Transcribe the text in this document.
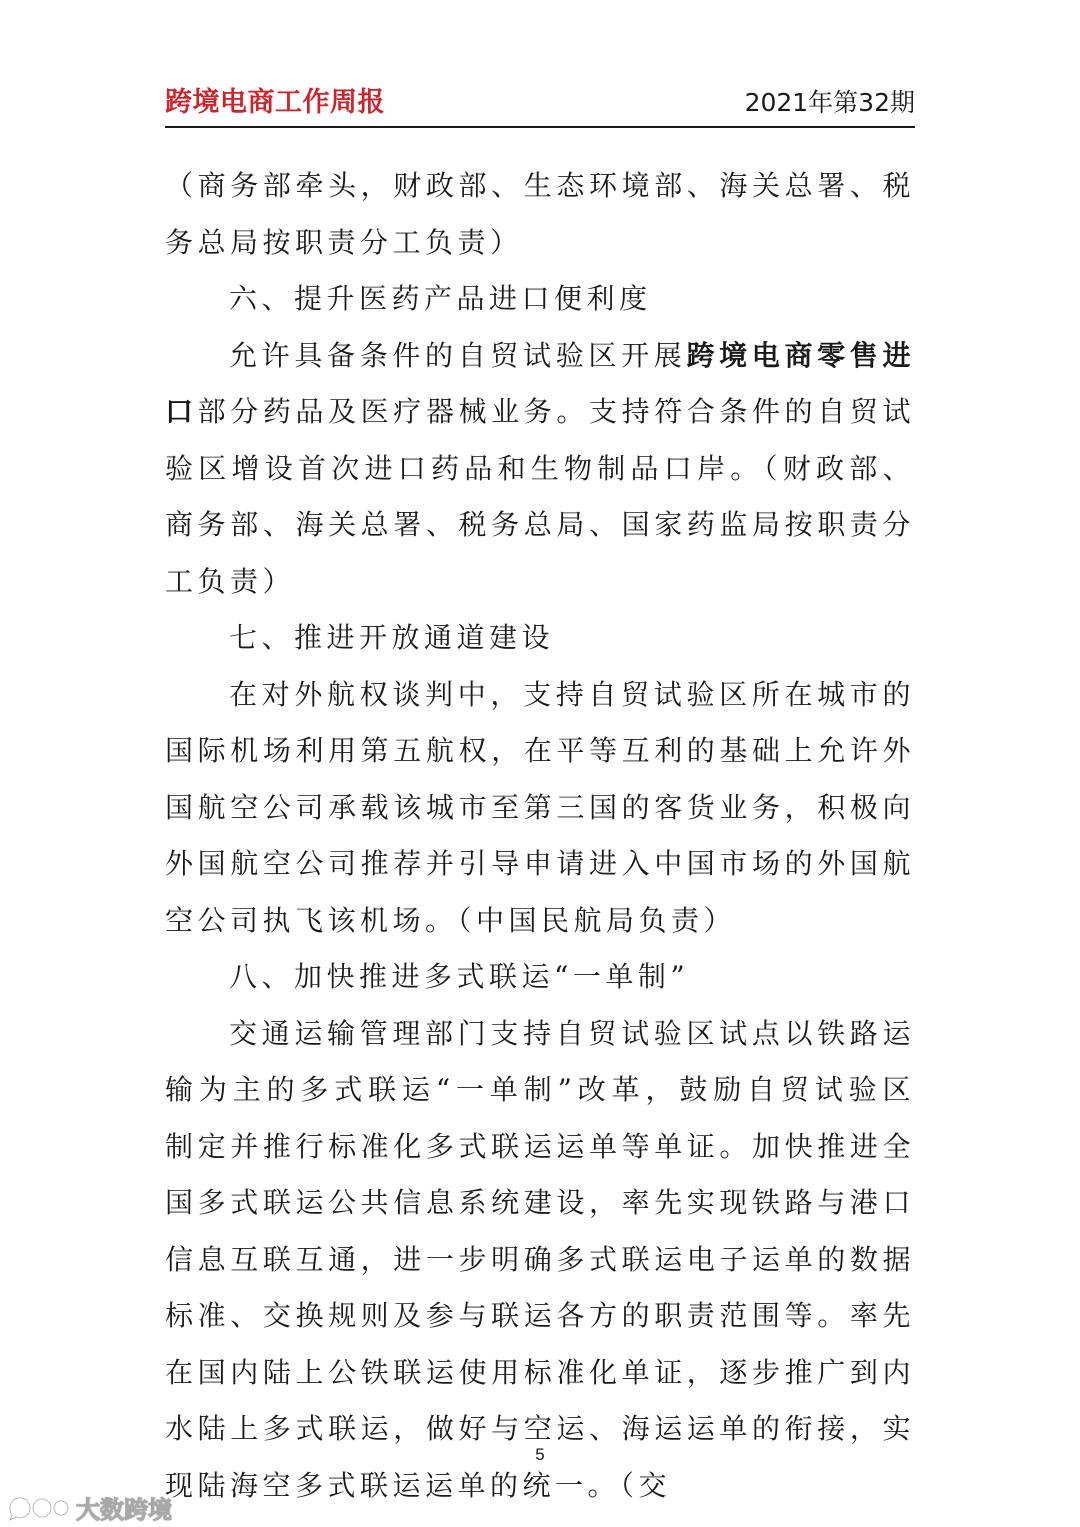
跨境电商工作周报	2021年第32期

（商务部牵头，财政部、生态环境部、海关总署、税务总局按职责分工负责）

六、提升医药产品进口便利度

允许具备条件的自贸试验区开展跨境电商零售进口部分药品及医疗器械业务。支持符合条件的自贸试验区增设首次进口药品和生物制品口岸。（财政部、商务部、海关总署、税务总局、国家药监局按职责分工负责）

七、推进开放通道建设

在对外航权谈判中，支持自贸试验区所在城市的国际机场利用第五航权，在平等互利的基础上允许外国航空公司承载该城市至第三国的客货业务，积极向外国航空公司推荐并引导申请进入中国市场的外国航空公司执飞该机场。（中国民航局负责）

八、加快推进多式联运“一单制”

交通运输管理部门支持自贸试验区试点以铁路运输为主的多式联运“一单制”改革，鼓励自贸试验区制定并推行标准化多式联运运单等单证。加快推进全国多式联运公共信息系统建设，率先实现铁路与港口信息互联互通，进一步明确多式联运电子运单的数据标准、交换规则及参与联运各方的职责范围等。率先在国内陆上公铁联运使用标准化单证，逐步推广到内水陆上多式联运，做好与空运、海运运单的衔接，实现陆海空多式联运运单的统一。（交

5
大数跨境
